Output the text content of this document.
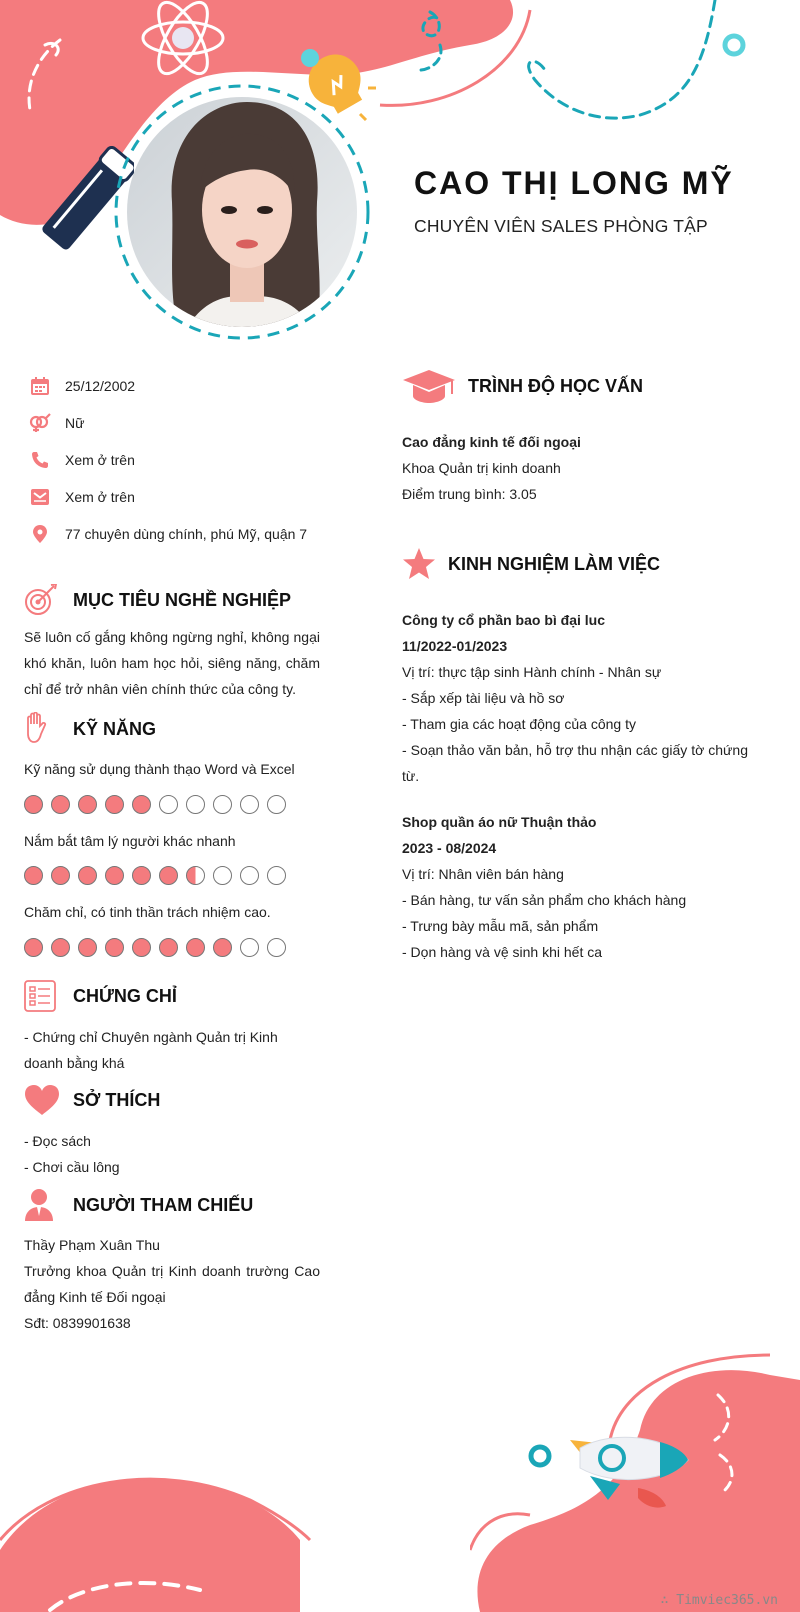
CAO THỊ LONG MỸ
CHUYÊN VIÊN SALES PHÒNG TẬP
25/12/2002
Nữ
Xem ở trên
Xem ở trên
77 chuyên dùng chính, phú Mỹ, quận 7
MỤC TIÊU NGHỀ NGHIỆP

Sẽ luôn cố gắng không ngừng nghỉ, không ngại khó khăn, luôn ham học hỏi, siêng năng, chăm chỉ để trở nhân viên chính thức của công ty.

KỸ NĂNG
Kỹ năng sử dụng thành thạo Word và Excel
Nắm bắt tâm lý người khác nhanh
Chăm chỉ, có tinh thần trách nhiệm cao.
CHỨNG CHỈ
- Chứng chỉ Chuyên ngành Quản trị Kinh doanh bằng khá
SỞ THÍCH

- Đọc sách

- Chơi cầu lông

NGƯỜI THAM CHIẾU

Thầy Phạm Xuân Thu

Trưởng khoa Quản trị Kinh doanh trường Cao đẳng Kinh tế Đối ngoại

Sđt: 0839901638

TRÌNH ĐỘ HỌC VẤN

Cao đẳng kinh tế đối ngoại

Khoa Quản trị kinh doanh

Điểm trung bình: 3.05

KINH NGHIỆM LÀM VIỆC

Công ty cổ phần bao bì đại luc

11/2022-01/2023

Vị trí: thực tập sinh Hành chính - Nhân sự

- Sắp xếp tài liệu và hồ sơ

- Tham gia các hoạt động của công ty

- Soạn thảo văn bản, hỗ trợ thu nhận các giấy tờ chứng từ.

Shop quần áo nữ Thuận thảo

2023 - 08/2024

Vị trí: Nhân viên bán hàng

- Bán hàng, tư vấn sản phẩm cho khách hàng

- Trưng bày mẫu mã, sản phẩm

- Dọn hàng và vệ sinh khi hết ca

∴ Timviec365.vn
